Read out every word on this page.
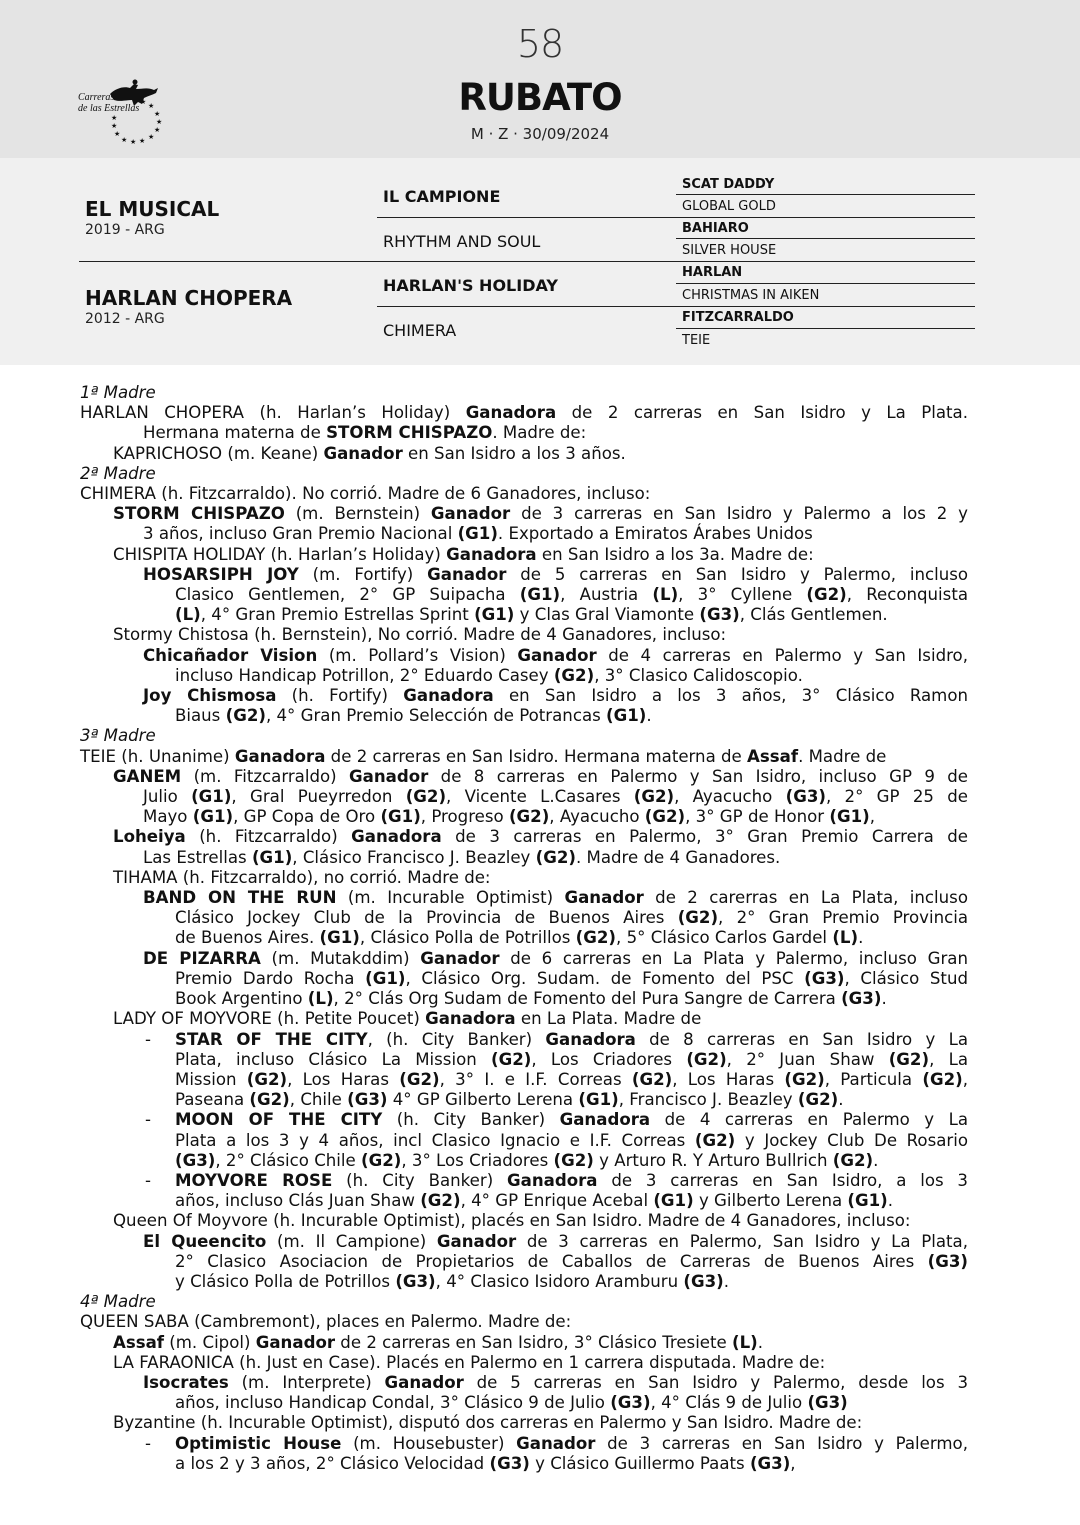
★ ★
★
★
★
★
★
★
★
★
★
★
Carreras
de las Estrellas
58
RUBATO
M · Z · 30/09/2024
EL MUSICAL
2019 - ARG
HARLAN CHOPERA
2012 - ARG
IL CAMPIONE
RHYTHM AND SOUL
HARLAN'S HOLIDAY
CHIMERA
SCAT DADDY
GLOBAL GOLD
BAHIARO
SILVER HOUSE
HARLAN
CHRISTMAS IN AIKEN
FITZCARRALDO
TEIE
1ª Madre
HARLAN CHOPERA (h. Harlan’s Holiday) Ganadora de 2 carreras en San Isidro y La Plata.
Hermana materna de STORM CHISPAZO. Madre de:
KAPRICHOSO (m. Keane) Ganador en San Isidro a los 3 años.
2ª Madre
CHIMERA (h. Fitzcarraldo). No corrió. Madre de 6 Ganadores, incluso:
STORM CHISPAZO (m. Bernstein) Ganador de 3 carreras en San Isidro y Palermo a los 2 y
3 años, incluso Gran Premio Nacional (G1). Exportado a Emiratos Árabes Unidos
CHISPITA HOLIDAY (h. Harlan’s Holiday) Ganadora en San Isidro a los 3a. Madre de:
HOSARSIPH JOY (m. Fortify) Ganador de 5 carreras en San Isidro y Palermo, incluso
Clasico Gentlemen, 2° GP Suipacha (G1), Austria (L), 3° Cyllene (G2), Reconquista
(L), 4° Gran Premio Estrellas Sprint (G1) y Clas Gral Viamonte (G3), Clás Gentlemen.
Stormy Chistosa (h. Bernstein), No corrió. Madre de 4 Ganadores, incluso:
Chicañador Vision (m. Pollard’s Vision) Ganador de 4 carreras en Palermo y San Isidro,
incluso Handicap Potrillon, 2° Eduardo Casey (G2), 3° Clasico Calidoscopio.
Joy Chismosa (h. Fortify) Ganadora en San Isidro a los 3 años, 3° Clásico Ramon
Biaus (G2), 4° Gran Premio Selección de Potrancas (G1).
3ª Madre
TEIE (h. Unanime) Ganadora de 2 carreras en San Isidro. Hermana materna de Assaf. Madre de
GANEM (m. Fitzcarraldo) Ganador de 8 carreras en Palermo y San Isidro, incluso GP 9 de
Julio (G1), Gral Pueyrredon (G2), Vicente L.Casares (G2), Ayacucho (G3), 2° GP 25 de
Mayo (G1), GP Copa de Oro (G1), Progreso (G2), Ayacucho (G2), 3° GP de Honor (G1),
Loheiya (h. Fitzcarraldo) Ganadora de 3 carreras en Palermo, 3° Gran Premio Carrera de
Las Estrellas (G1), Clásico Francisco J. Beazley (G2). Madre de 4 Ganadores.
TIHAMA (h. Fitzcarraldo), no corrió. Madre de:
BAND ON THE RUN (m. Incurable Optimist) Ganador de 2 carerras en La Plata, incluso
Clásico Jockey Club de la Provincia de Buenos Aires (G2), 2° Gran Premio Provincia
de Buenos Aires. (G1), Clásico Polla de Potrillos (G2), 5° Clásico Carlos Gardel (L).
DE PIZARRA (m. Mutakddim) Ganador de 6 carreras en La Plata y Palermo, incluso Gran
Premio Dardo Rocha (G1), Clásico Org. Sudam. de Fomento del PSC (G3), Clásico Stud
Book Argentino (L), 2° Clás Org Sudam de Fomento del Pura Sangre de Carrera (G3).
LADY OF MOYVORE (h. Petite Poucet) Ganadora en La Plata. Madre de
- STAR OF THE CITY, (h. City Banker) Ganadora de 8 carreras en San Isidro y La
Plata, incluso Clásico La Mission (G2), Los Criadores (G2), 2° Juan Shaw (G2), La
Mission (G2), Los Haras (G2), 3° I. e I.F. Correas (G2), Los Haras (G2), Particula (G2),
Paseana (G2), Chile (G3) 4° GP Gilberto Lerena (G1), Francisco J. Beazley (G2).
- MOON OF THE CITY (h. City Banker) Ganadora de 4 carreras en Palermo y La
Plata a los 3 y 4 años, incl Clasico Ignacio e I.F. Correas (G2) y Jockey Club De Rosario
(G3), 2° Clásico Chile (G2), 3° Los Criadores (G2) y Arturo R. Y Arturo Bullrich (G2).
- MOYVORE ROSE (h. City Banker) Ganadora de 3 carreras en San Isidro, a los 3
años, incluso Clás Juan Shaw (G2), 4° GP Enrique Acebal (G1) y Gilberto Lerena (G1).
Queen Of Moyvore (h. Incurable Optimist), placés en San Isidro. Madre de 4 Ganadores, incluso:
El Queencito (m. Il Campione) Ganador de 3 carreras en Palermo, San Isidro y La Plata,
2° Clasico Asociacion de Propietarios de Caballos de Carreras de Buenos Aires (G3)
y Clásico Polla de Potrillos (G3), 4° Clasico Isidoro Aramburu (G3).
4ª Madre
QUEEN SABA (Cambremont), places en Palermo. Madre de:
Assaf (m. Cipol) Ganador de 2 carreras en San Isidro, 3° Clásico Tresiete (L).
LA FARAONICA (h. Just en Case). Placés en Palermo en 1 carrera disputada. Madre de:
Isocrates (m. Interprete) Ganador de 5 carreras en San Isidro y Palermo, desde los 3
años, incluso Handicap Condal, 3° Clásico 9 de Julio (G3), 4° Clás 9 de Julio (G3)
Byzantine (h. Incurable Optimist), disputó dos carreras en Palermo y San Isidro. Madre de:
- Optimistic House (m. Housebuster) Ganador de 3 carreras en San Isidro y Palermo,
a los 2 y 3 años, 2° Clásico Velocidad (G3) y Clásico Guillermo Paats (G3),
